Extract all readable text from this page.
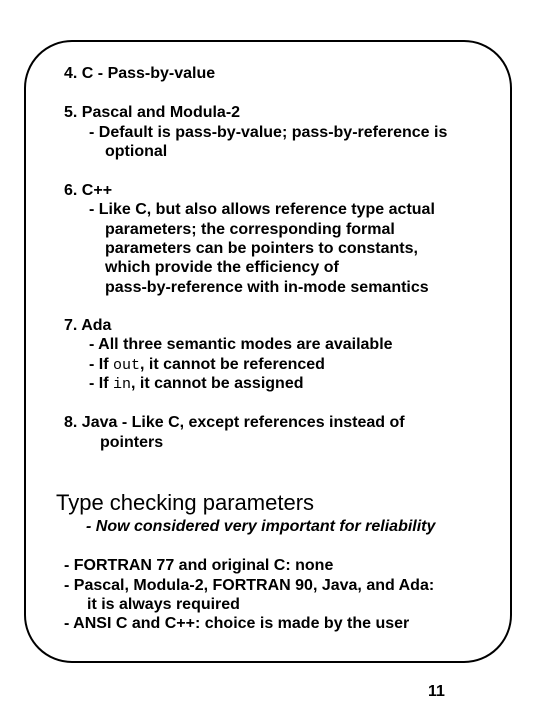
4. C - Pass-by-value
5. Pascal and Modula-2
- Default is pass-by-value; pass-by-reference is
optional
6. C++
- Like C, but also allows reference type actual
parameters; the corresponding formal
parameters can be pointers to constants,
which provide the efficiency of
pass-by-reference with in-mode semantics
7. Ada
- All three semantic modes are available
- If out, it cannot be referenced
- If in, it cannot be assigned
8. Java - Like C, except references instead of
pointers
Type checking parameters
- Now considered very important for reliability
- FORTRAN 77 and original C: none
- Pascal, Modula-2, FORTRAN 90, Java, and Ada:
it is always required
- ANSI C and C++: choice is made by the user
11
